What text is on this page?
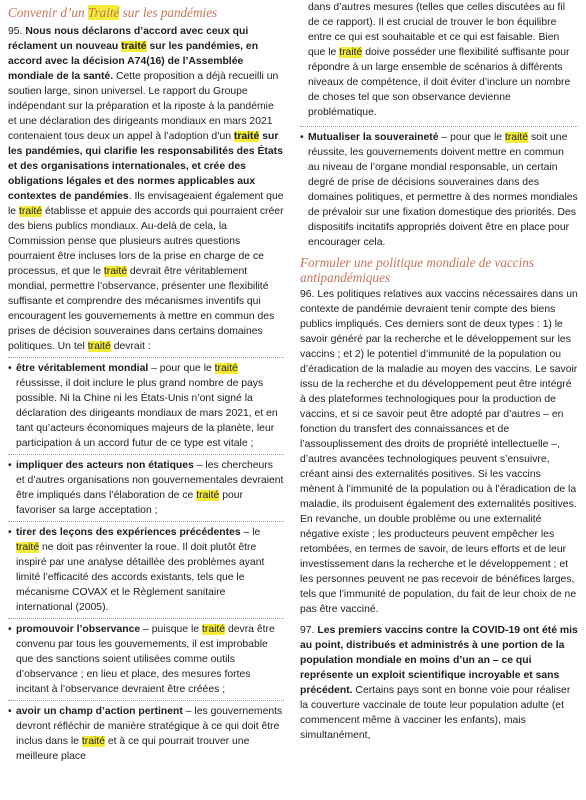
Convenir d’un Traité sur les pandémies

95. Nous nous déclarons d’accord avec ceux qui réclament un nouveau traité sur les pandémies, en accord avec la décision A74(16) de l’Assemblée mondiale de la santé. Cette proposition a déjà recueilli un soutien large, sinon universel. Le rapport du Groupe indépendant sur la préparation et la riposte à la pandémie et une déclaration des dirigeants mondiaux en mars 2021 contenaient tous deux un appel à l’adoption d’un traité sur les pandémies, qui clarifie les responsabilités des États et des organisations internationales, et crée des obligations légales et des normes applicables aux contextes de pandémies. Ils envisageaient également que le traité établisse et appuie des accords qui pourraient créer des biens publics mondiaux. Au-delà de cela, la Commission pense que plusieurs autres questions pourraient être incluses lors de la prise en charge de ce processus, et que le traité devrait être véritablement mondial, permettre l’observance, présenter une flexibilité suffisante et comprendre des mécanismes inventifs qui encouragent les gouvernements à mettre en commun des prises de décision souveraines dans certains domaines politiques. Un tel traité devrait :

• être véritablement mondial – pour que le traité réussisse, il doit inclure le plus grand nombre de pays possible. Ni la Chine ni les États-Unis n’ont signé la déclaration des dirigeants mondiaux de mars 2021, et en tant qu’acteurs économiques majeurs de la planète, leur participation à un accord futur de ce type est vitale ;

• impliquer des acteurs non étatiques – les chercheurs et d’autres organisations non gouvernementales devraient être impliqués dans l’élaboration de ce traité pour favoriser sa large acceptation ;

• tirer des leçons des expériences précédentes – le traité ne doit pas réinventer la roue. Il doit plutôt être inspiré par une analyse détaillée des problèmes ayant limité l’efficacité des accords existants, tels que le mécanisme COVAX et le Règlement sanitaire international (2005).

• promouvoir l’observance – puisque le traité devra être convenu par tous les gouvernements, il est improbable que des sanctions soient utilisées comme outils d’observance ; en lieu et place, des mesures fortes incitant à l’observance devraient être créées ;

• avoir un champ d’action pertinent – les gouvernements devront réfléchir de manière stratégique à ce qui doit être inclus dans le traité et à ce qui pourrait trouver une meilleure place

dans d’autres mesures (telles que celles discutées au fil de ce rapport). Il est crucial de trouver le bon équilibre entre ce qui est souhaitable et ce qui est faisable. Bien que le traité doive posséder une flexibilité suffisante pour répondre à un large ensemble de scénarios à différents niveaux de compétence, il doit éviter d’inclure un nombre de choses tel que son observance devienne problématique.

• Mutualiser la souveraineté – pour que le traité soit une réussite, les gouvernements doivent mettre en commun au niveau de l’organe mondial responsable, un certain degré de prise de décisions souveraines dans des domaines politiques, et permettre à des normes mondiales de prévaloir sur une fixation domestique des priorités. Des dispositifs incitatifs appropriés doivent être en place pour encourager cela.

Formuler une politique mondiale de vaccins antipandémiques

96. Les politiques relatives aux vaccins nécessaires dans un contexte de pandémie devraient tenir compte des biens publics impliqués. Ces derniers sont de deux types : 1) le savoir généré par la recherche et le développement sur les vaccins ; et 2) le potentiel d’immunité de la population ou d’éradication de la maladie au moyen des vaccins. Le savoir issu de la recherche et du développement peut être intégré à des plateformes technologiques pour la production de vaccins, et si ce savoir peut être adopté par d’autres – en fonction du transfert des connaissances et de l’assouplissement des droits de propriété intellectuelle –, d’autres avancées technologiques peuvent s’ensuivre, créant ainsi des externalités positives. Si les vaccins mènent à l’immunité de la population ou à l’éradication de la maladie, ils produisent également des externalités positives. En revanche, un double problème ou une externalité négative existe ; les producteurs peuvent empêcher les retombées, en termes de savoir, de leurs efforts et de leur investissement dans la recherche et le développement ; et les personnes peuvent ne pas recevoir de bénéfices larges, tels que l’immunité de population, du fait de leur choix de ne pas être vacciné.

97. Les premiers vaccins contre la COVID-19 ont été mis au point, distribués et administrés à une portion de la population mondiale en moins d’un an – ce qui représente un exploit scientifique incroyable et sans précédent. Certains pays sont en bonne voie pour réaliser la couverture vaccinale de toute leur population adulte (et commencent même à vacciner les enfants), mais simultanément,
